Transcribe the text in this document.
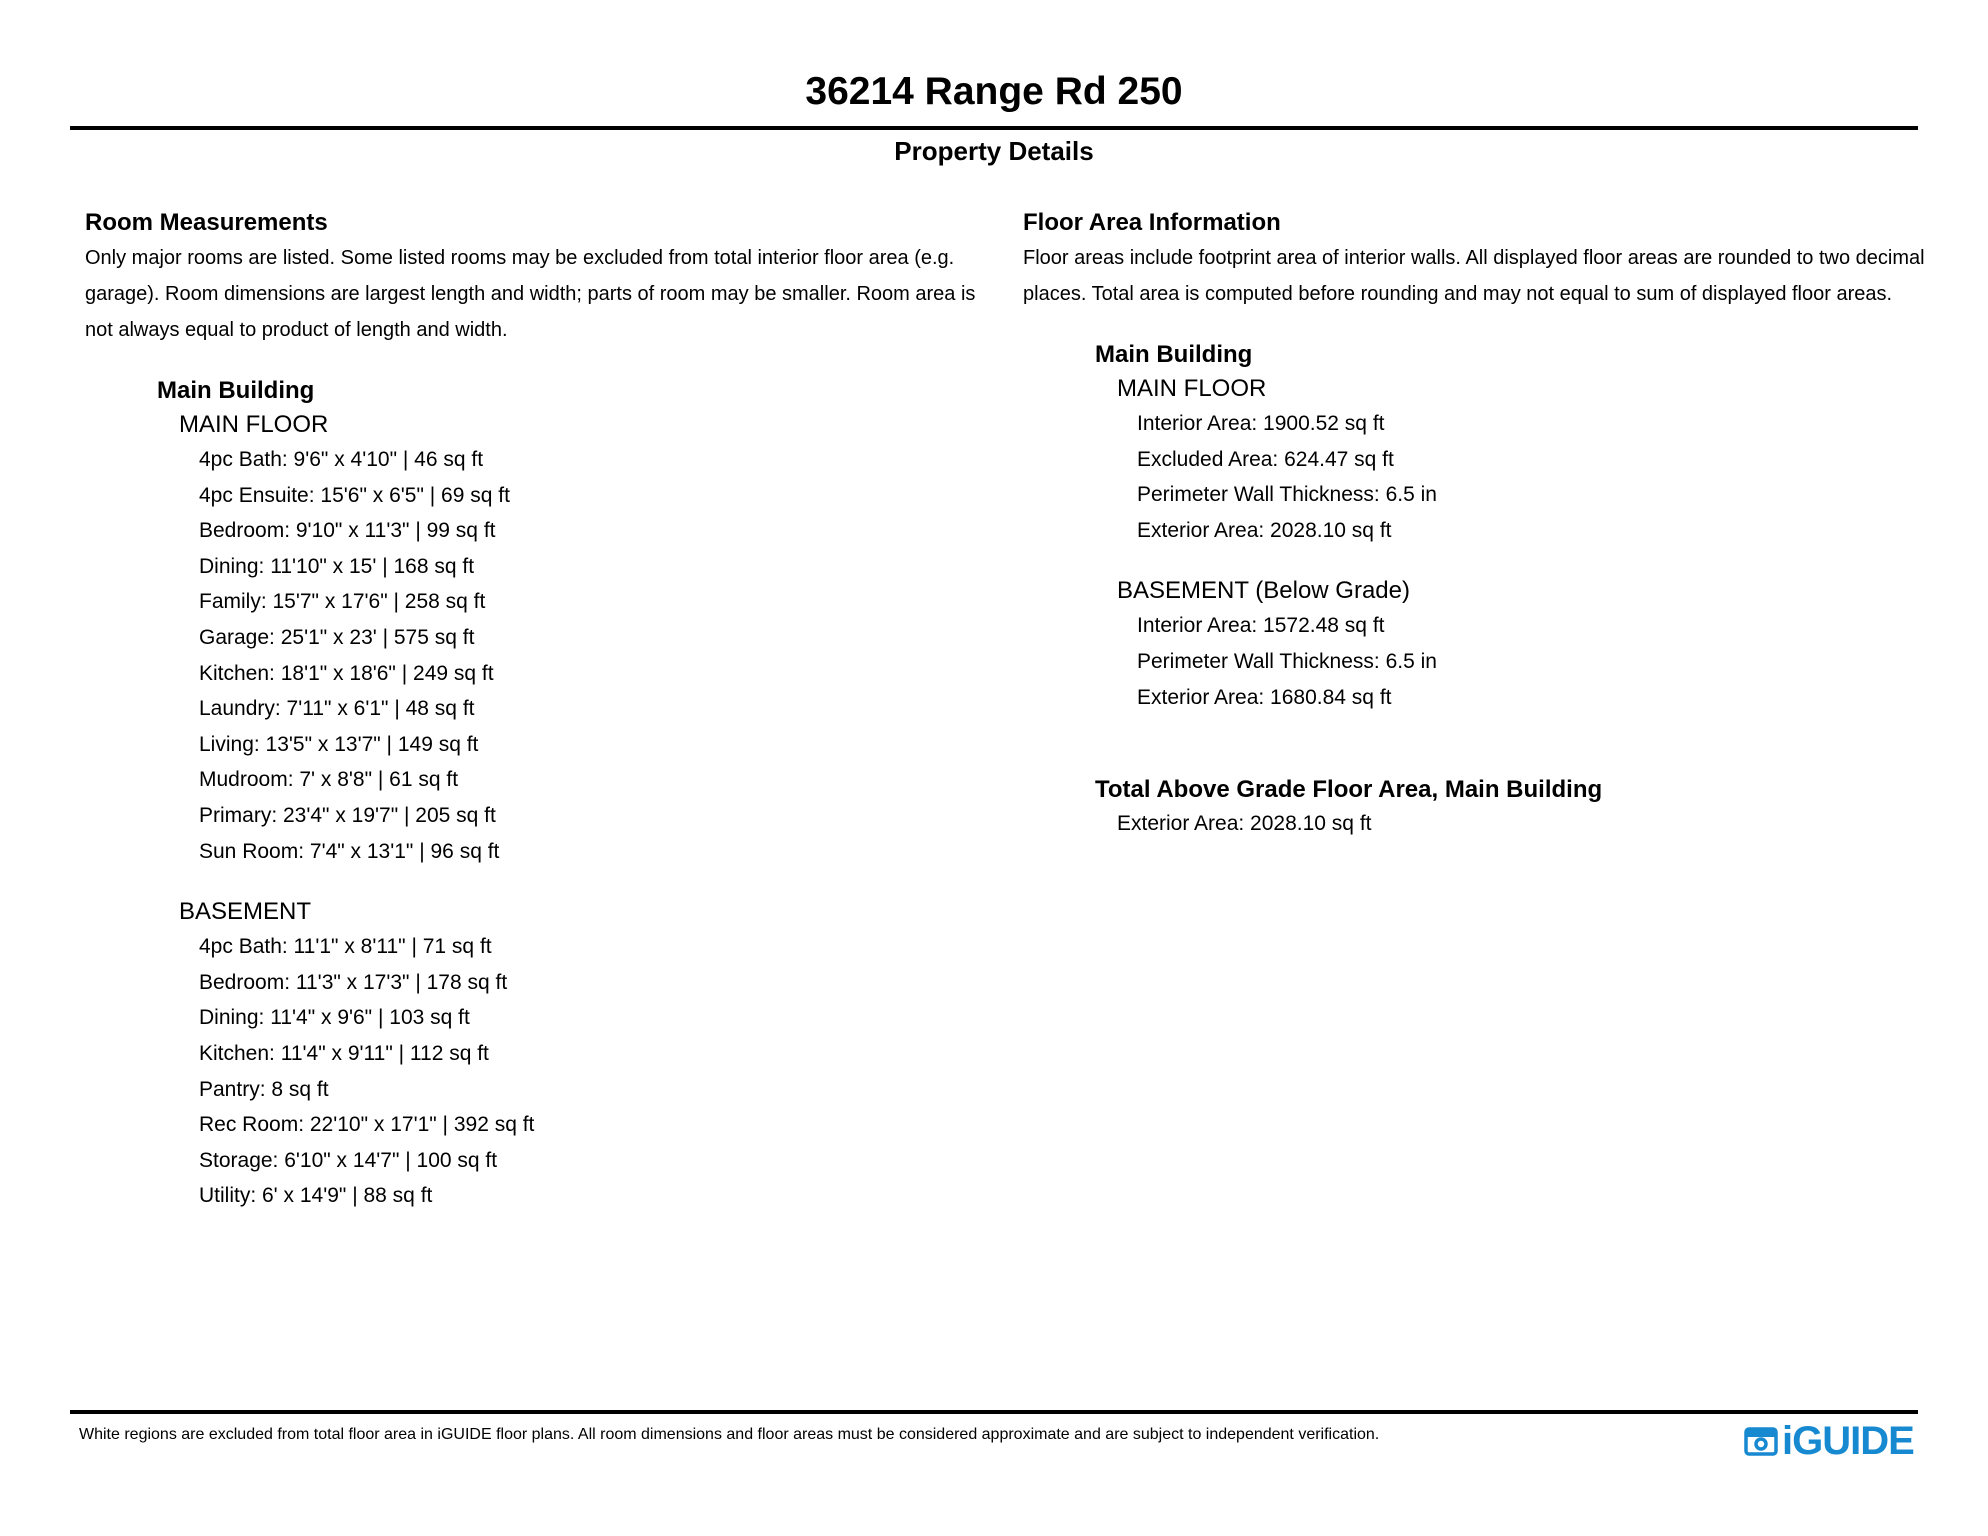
36214 Range Rd 250
Property Details
Room Measurements
Only major rooms are listed. Some listed rooms may be excluded from total interior floor area (e.g. garage). Room dimensions are largest length and width; parts of room may be smaller. Room area is not always equal to product of length and width.
Main Building
MAIN FLOOR
4pc Bath: 9'6" x 4'10" | 46 sq ft
4pc Ensuite: 15'6" x 6'5" | 69 sq ft
Bedroom: 9'10" x 11'3" | 99 sq ft
Dining: 11'10" x 15' | 168 sq ft
Family: 15'7" x 17'6" | 258 sq ft
Garage: 25'1" x 23' | 575 sq ft
Kitchen: 18'1" x 18'6" | 249 sq ft
Laundry: 7'11" x 6'1" | 48 sq ft
Living: 13'5" x 13'7" | 149 sq ft
Mudroom: 7' x 8'8" | 61 sq ft
Primary: 23'4" x 19'7" | 205 sq ft
Sun Room: 7'4" x 13'1" | 96 sq ft
BASEMENT
4pc Bath: 11'1" x 8'11" | 71 sq ft
Bedroom: 11'3" x 17'3" | 178 sq ft
Dining: 11'4" x 9'6" | 103 sq ft
Kitchen: 11'4" x 9'11" | 112 sq ft
Pantry: 8 sq ft
Rec Room: 22'10" x 17'1" | 392 sq ft
Storage: 6'10" x 14'7" | 100 sq ft
Utility: 6' x 14'9" | 88 sq ft
Floor Area Information
Floor areas include footprint area of interior walls. All displayed floor areas are rounded to two decimal places. Total area is computed before rounding and may not equal to sum of displayed floor areas.
Main Building
MAIN FLOOR
Interior Area: 1900.52 sq ft
Excluded Area: 624.47 sq ft
Perimeter Wall Thickness: 6.5 in
Exterior Area: 2028.10 sq ft
BASEMENT (Below Grade)
Interior Area: 1572.48 sq ft
Perimeter Wall Thickness: 6.5 in
Exterior Area: 1680.84 sq ft
Total Above Grade Floor Area, Main Building
Exterior Area: 2028.10 sq ft
White regions are excluded from total floor area in iGUIDE floor plans. All room dimensions and floor areas must be considered approximate and are subject to independent verification.	iGUIDE
